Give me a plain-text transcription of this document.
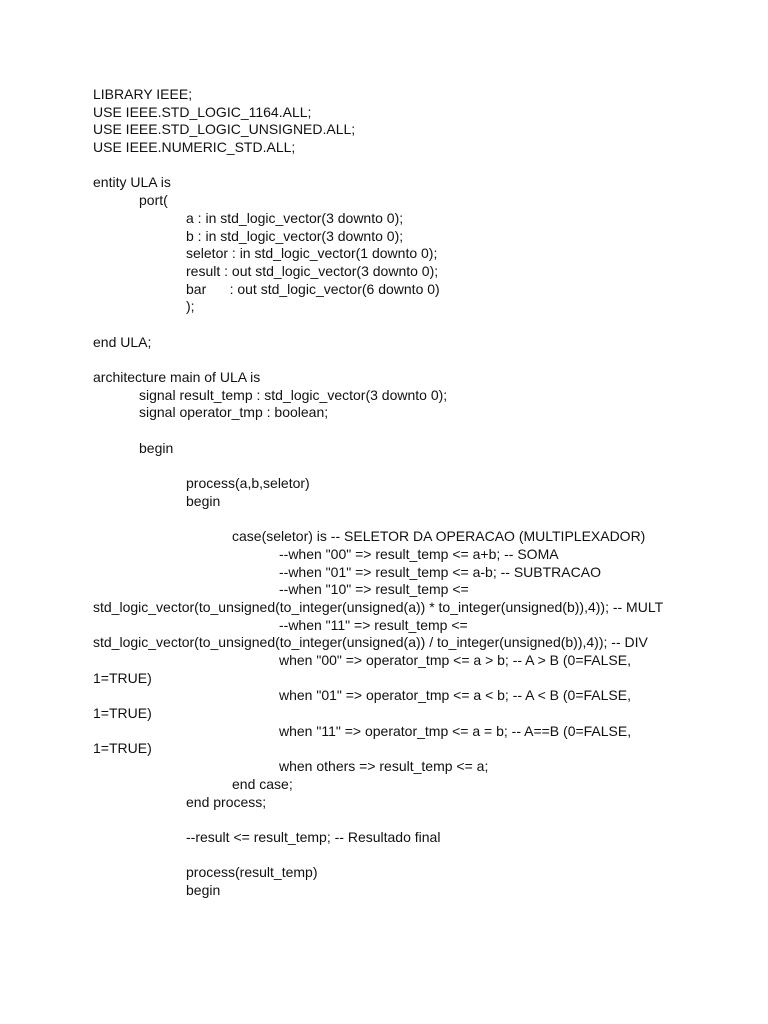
LIBRARY IEEE;
USE IEEE.STD_LOGIC_1164.ALL;
USE IEEE.STD_LOGIC_UNSIGNED.ALL;
USE IEEE.NUMERIC_STD.ALL;
entity ULA is
port(
a : in std_logic_vector(3 downto 0);
b : in std_logic_vector(3 downto 0);
seletor : in std_logic_vector(1 downto 0);
result : out std_logic_vector(3 downto 0);
bar      : out std_logic_vector(6 downto 0)
);
end ULA;
architecture main of ULA is
signal result_temp : std_logic_vector(3 downto 0);
signal operator_tmp : boolean;
begin
process(a,b,seletor)
begin
case(seletor) is -- SELETOR DA OPERACAO (MULTIPLEXADOR)
--when "00" => result_temp <= a+b; -- SOMA
--when "01" => result_temp <= a-b; -- SUBTRACAO
--when "10" => result_temp <=
std_logic_vector(to_unsigned(to_integer(unsigned(a)) * to_integer(unsigned(b)),4)); -- MULT
--when "11" => result_temp <=
std_logic_vector(to_unsigned(to_integer(unsigned(a)) / to_integer(unsigned(b)),4)); -- DIV
when "00" => operator_tmp <= a > b; -- A > B (0=FALSE,
1=TRUE)
when "01" => operator_tmp <= a < b; -- A < B (0=FALSE,
1=TRUE)
when "11" => operator_tmp <= a = b; -- A==B (0=FALSE,
1=TRUE)
when others => result_temp <= a;
end case;
end process;
--result <= result_temp; -- Resultado final
process(result_temp)
begin
